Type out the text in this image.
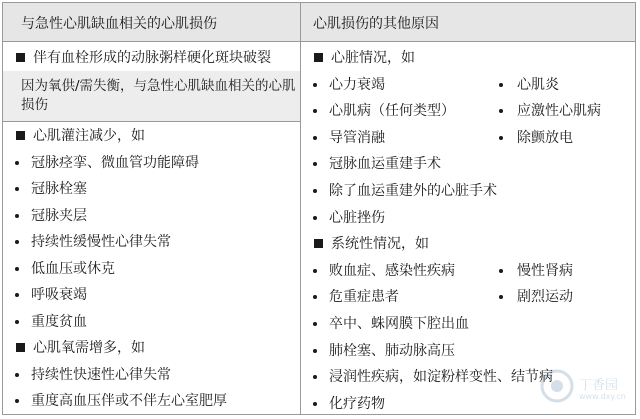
与急性心肌缺血相关的心肌损伤	心肌损伤的其他原因
伴有血栓形成的动脉粥样硬化斑块破裂
因为氧供/需失衡，与急性心肌缺血相关的心肌损伤
心肌灌注减少，如
冠脉痉挛、微血管功能障碍
冠脉栓塞
冠脉夹层
持续性缓慢性心律失常
低血压或休克
呼吸衰竭
重度贫血
心肌氧需增多，如
持续性快速性心律失常
重度高血压伴或不伴左心室肥厚
心脏情况，如
心力衰竭	心肌炎
心肌病（任何类型）	应激性心肌病
导管消融	除颤放电
冠脉血运重建手术
除了血运重建外的心脏手术
心脏挫伤
系统性情况，如
败血症、感染性疾病	慢性肾病
危重症患者	剧烈运动
卒中、蛛网膜下腔出血
肺栓塞、肺动脉高压
浸润性疾病，如淀粉样变性、结节病
化疗药物
丁香园
www.dxy.cn
